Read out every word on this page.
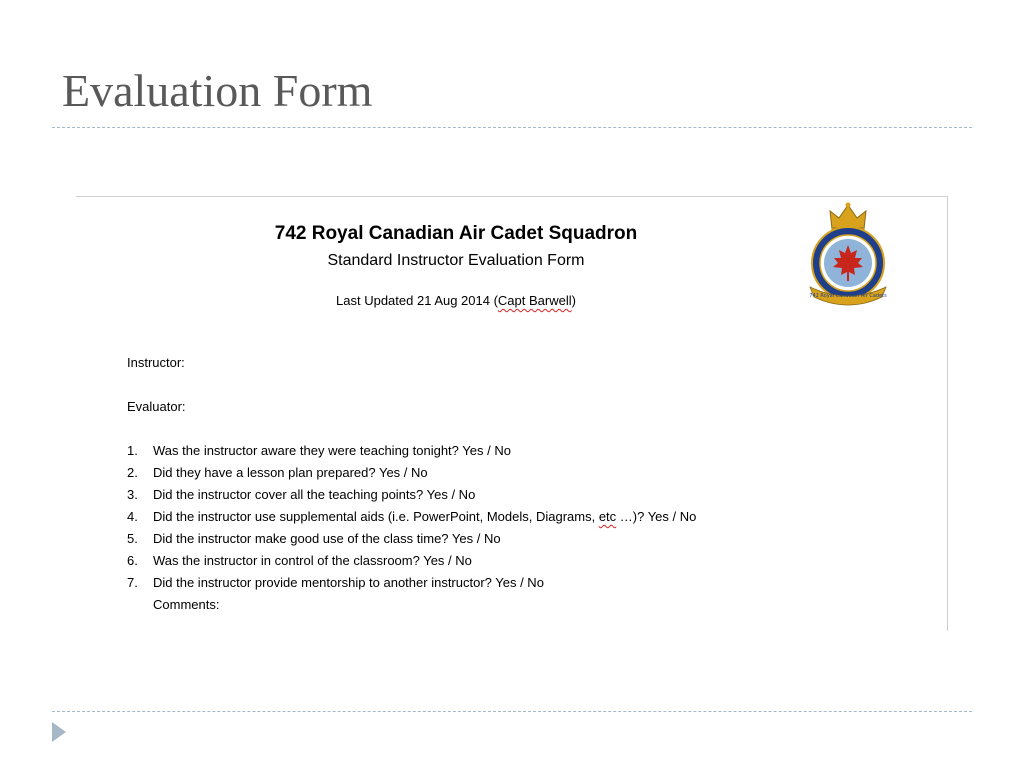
Evaluation Form
742 Royal Canadian Air Cadet Squadron
Standard Instructor Evaluation Form
Last Updated 21 Aug 2014 (Capt Barwell)	742 Royal Canadian Air Cadets
Instructor:
Evaluator:
1. Was the instructor aware they were teaching tonight? Yes / No
2. Did they have a lesson plan prepared? Yes / No
3. Did the instructor cover all the teaching points? Yes / No
4. Did the instructor use supplemental aids (i.e. PowerPoint, Models, Diagrams, etc …)? Yes / No
5. Did the instructor make good use of the class time? Yes / No
6. Was the instructor in control of the classroom? Yes / No
7. Did the instructor provide mentorship to another instructor? Yes / No
Comments:
